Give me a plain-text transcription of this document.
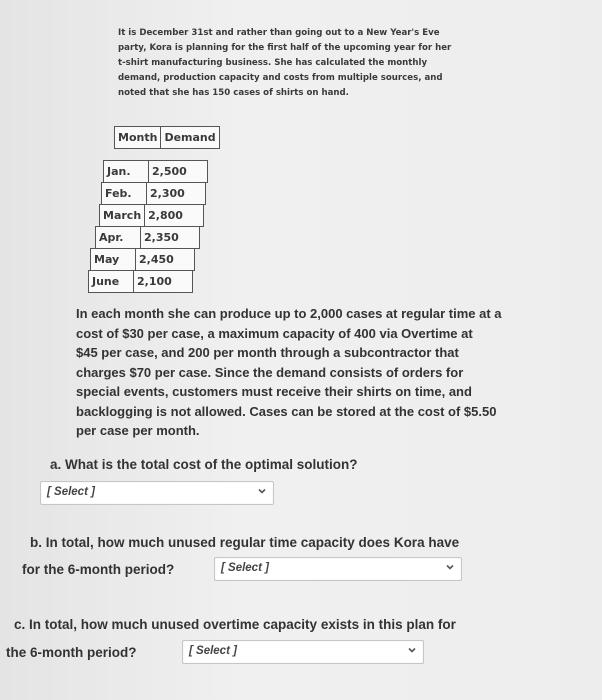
It is December 31st and rather than going out to a New Year's Eve
party, Kora is planning for the first half of the upcoming year for her
t-shirt manufacturing business. She has calculated the monthly
demand, production capacity and costs from multiple sources, and
noted that she has 150 cases of shirts on hand.
Month	Demand
Jan.	2,500
Feb.	2,300
March	2,800
Apr.	2,350
May	2,450
June	2,100
In each month she can produce up to 2,000 cases at regular time at a
cost of $30 per case, a maximum capacity of 400 via Overtime at
$45 per case, and 200 per month through a subcontractor that
charges $70 per case. Since the demand consists of orders for
special events, customers must receive their shirts on time, and
backlogging is not allowed. Cases can be stored at the cost of $5.50
per case per month.
a. What is the total cost of the optimal solution?
[ Select ]
b. In total, how much unused regular time capacity does Kora have
for the 6-month period?	[ Select ]
c. In total, how much unused overtime capacity exists in this plan for
the 6-month period?	[ Select ]
